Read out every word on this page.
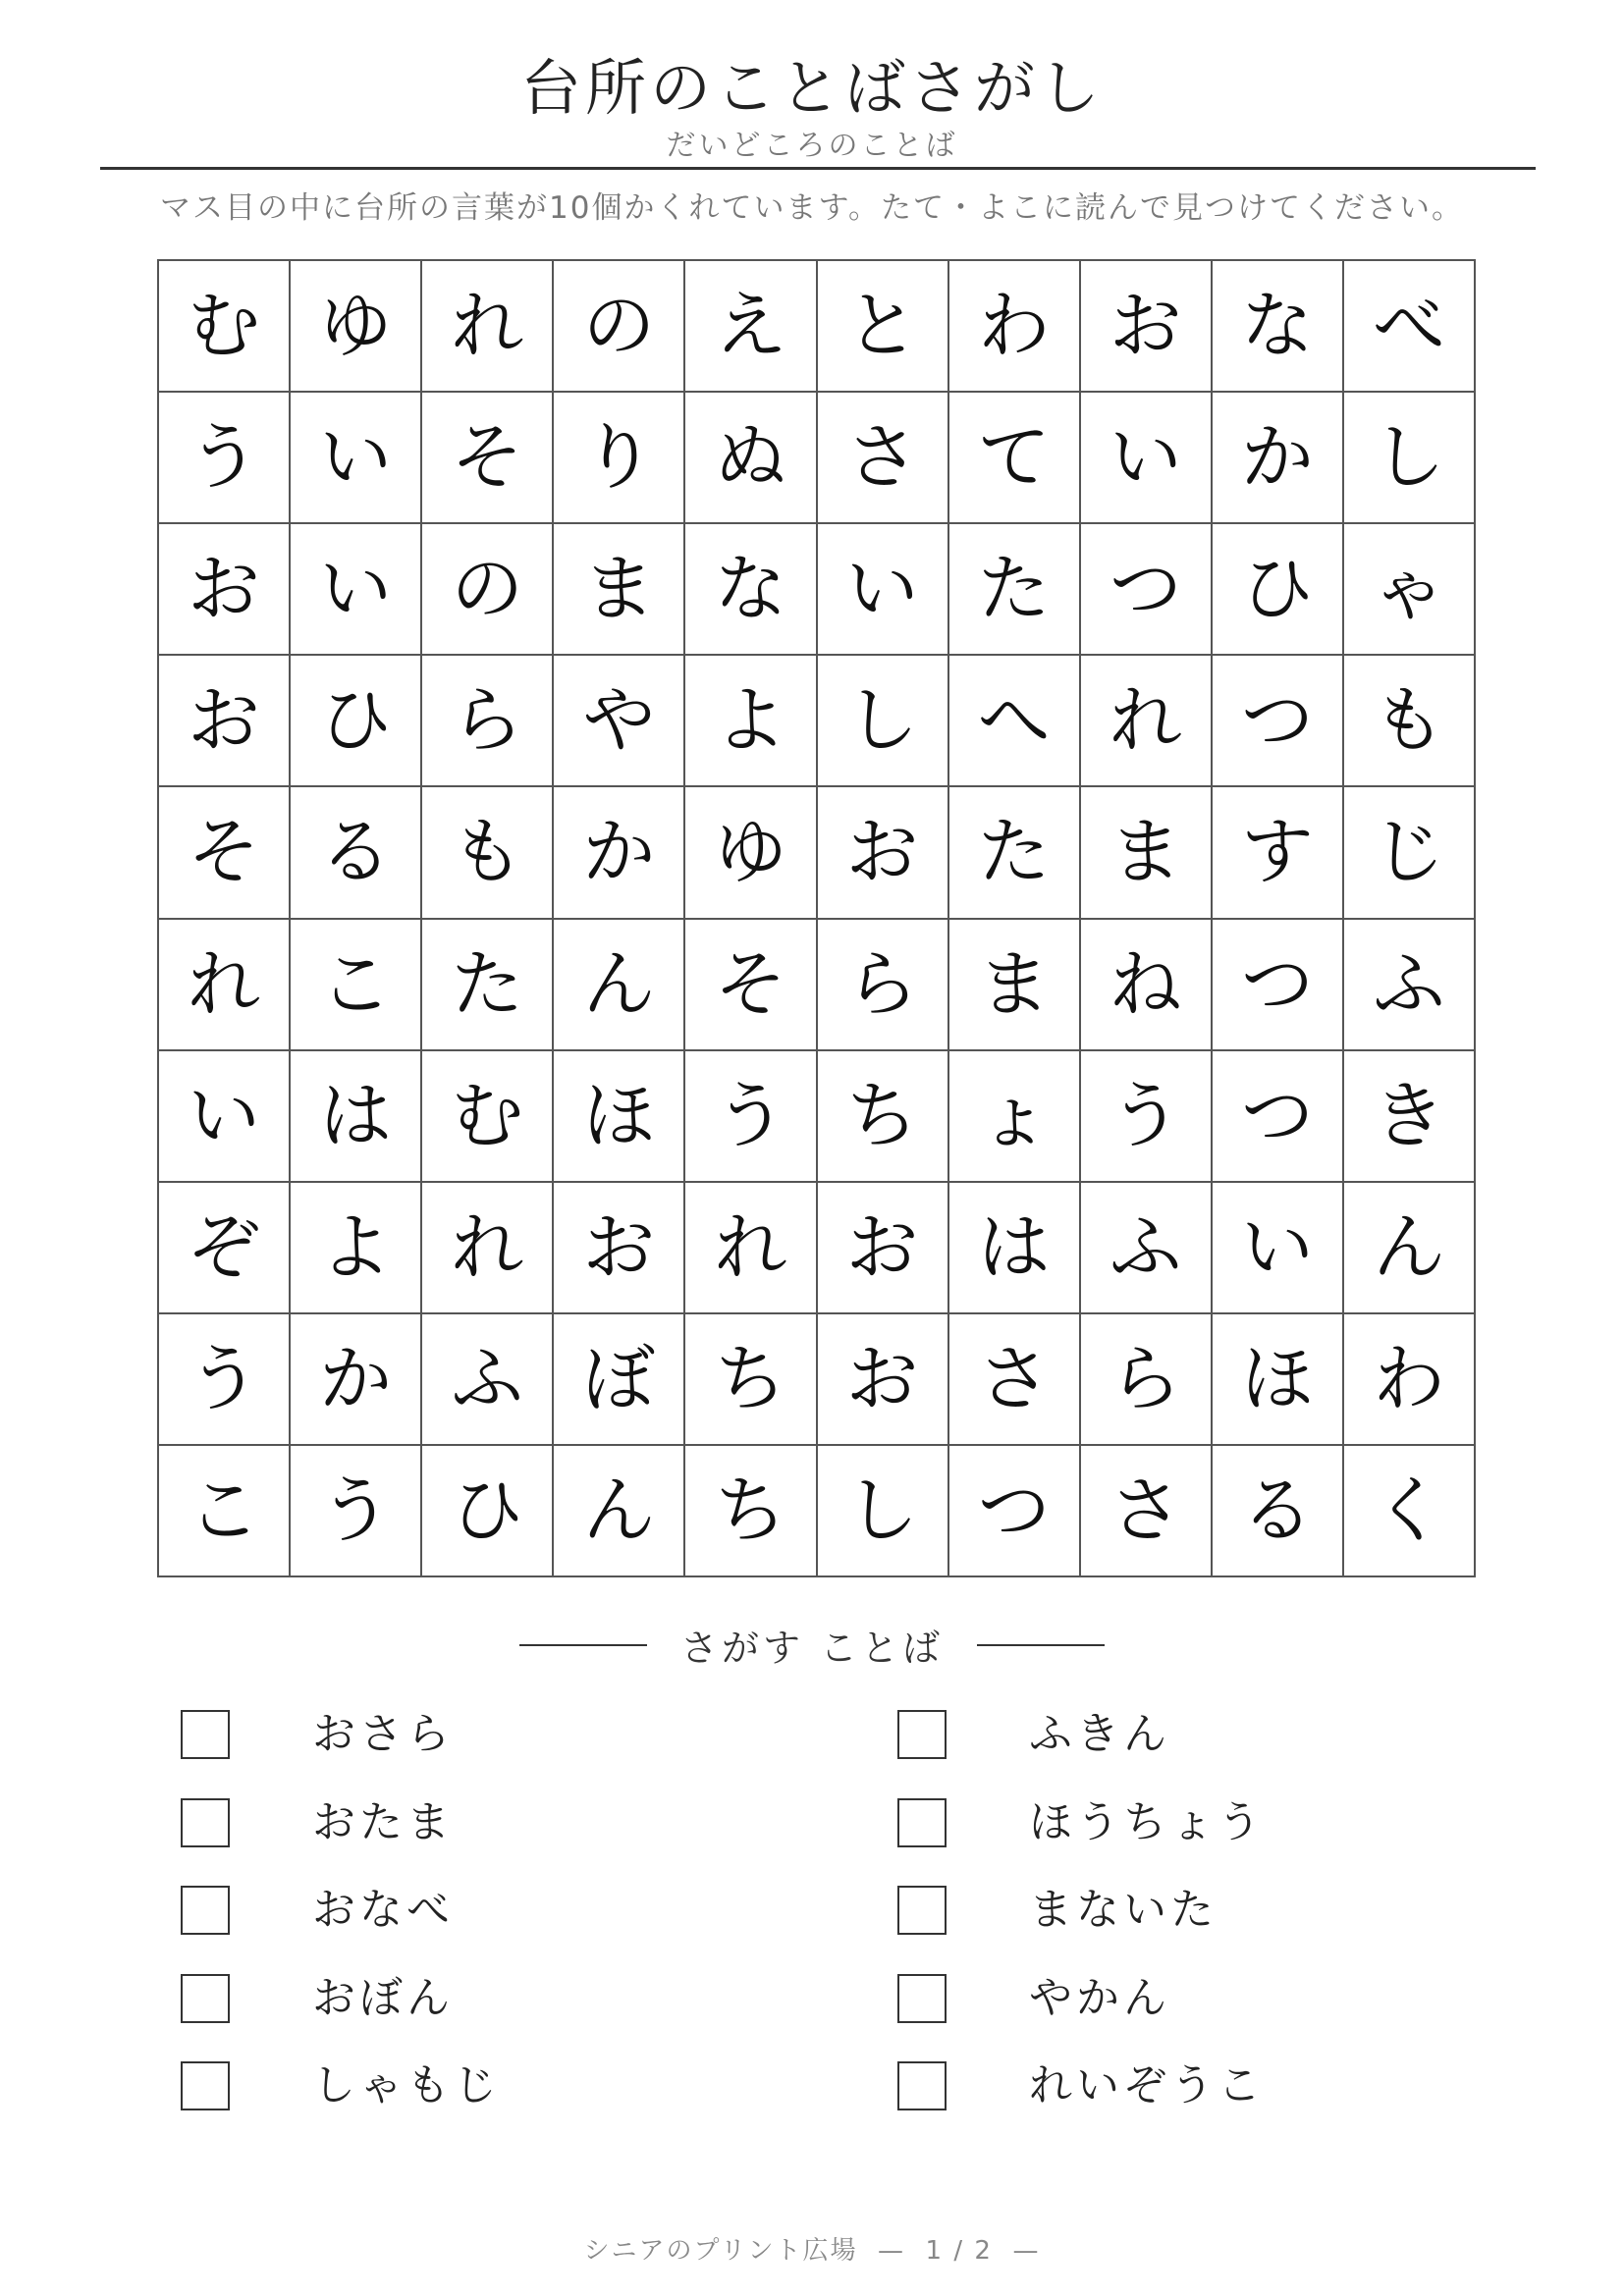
台所のことばさがし
だいどころのことば
マス目の中に台所の言葉が10個かくれています。たて・よこに読んで見つけてください。
む ゆ れ の え と わ お な べ
う い そ り ぬ さ て い か し
お い の ま な い た つ ひ ゃ
お ひ ら や よ し へ れ つ も
そ る も か ゆ お た ま す じ
れ こ た ん そ ら ま ね つ ふ
い は む ほ う ち ょ う つ き
ぞ よ れ お れ お は ふ い ん
う か ふ ぼ ち お さ ら ほ わ
こ う ひ ん ち し つ さ る く
さがす ことば
おさら
おたま
おなべ
おぼん
しゃもじ
ふきん
ほうちょう
まないた
やかん
れいぞうこ
シニアのプリント広場  —  1 / 2  —
